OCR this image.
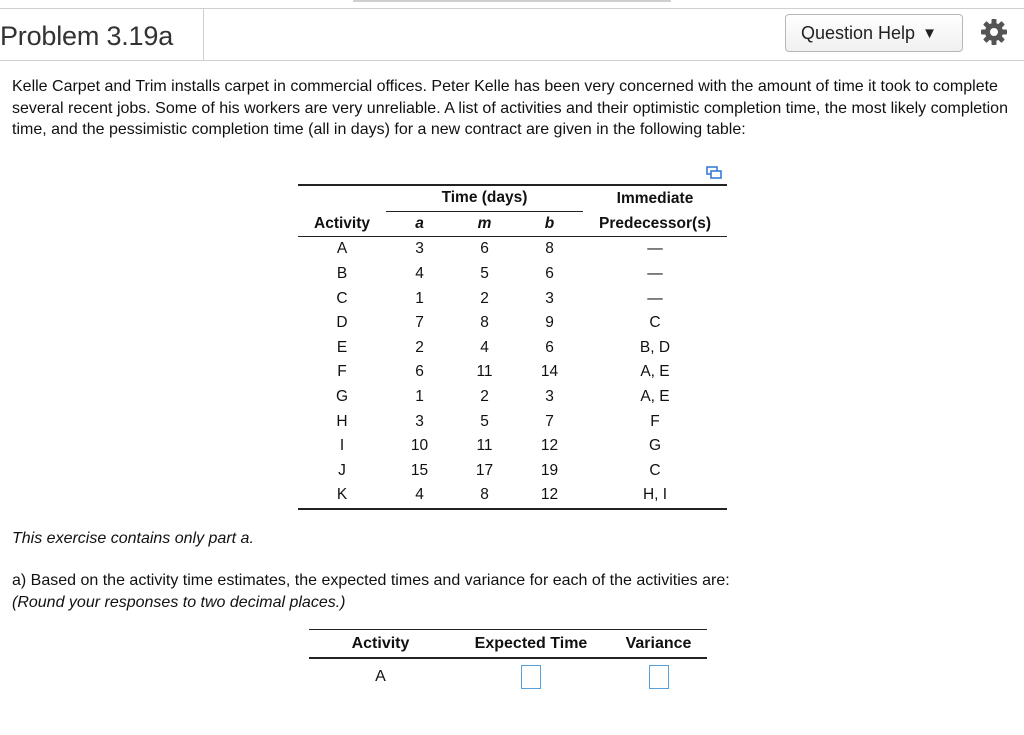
Problem 3.19a	Question Help ▼

Kelle Carpet and Trim installs carpet in commercial offices. Peter Kelle has been very concerned with the amount of time it took to complete several recent jobs. Some of his workers are very unreliable. A list of activities and their optimistic completion time, the most likely completion time, and the pessimistic completion time (all in days) for a new contract are given in the following table:

	Time (days)			Immediate
Activity	a	m	b	Predecessor(s)
A	3	6	8	—
B	4	5	6	—
C	1	2	3	—
D	7	8	9	C
E	2	4	6	B, D
F	6	11	14	A, E
G	1	2	3	A, E
H	3	5	7	F
I	10	11	12	G
J	15	17	19	C
K	4	8	12	H, I

This exercise contains only part a.

a) Based on the activity time estimates, the expected times and variance for each of the activities are:
(Round your responses to two decimal places.)

Activity	Expected Time	Variance
A		
